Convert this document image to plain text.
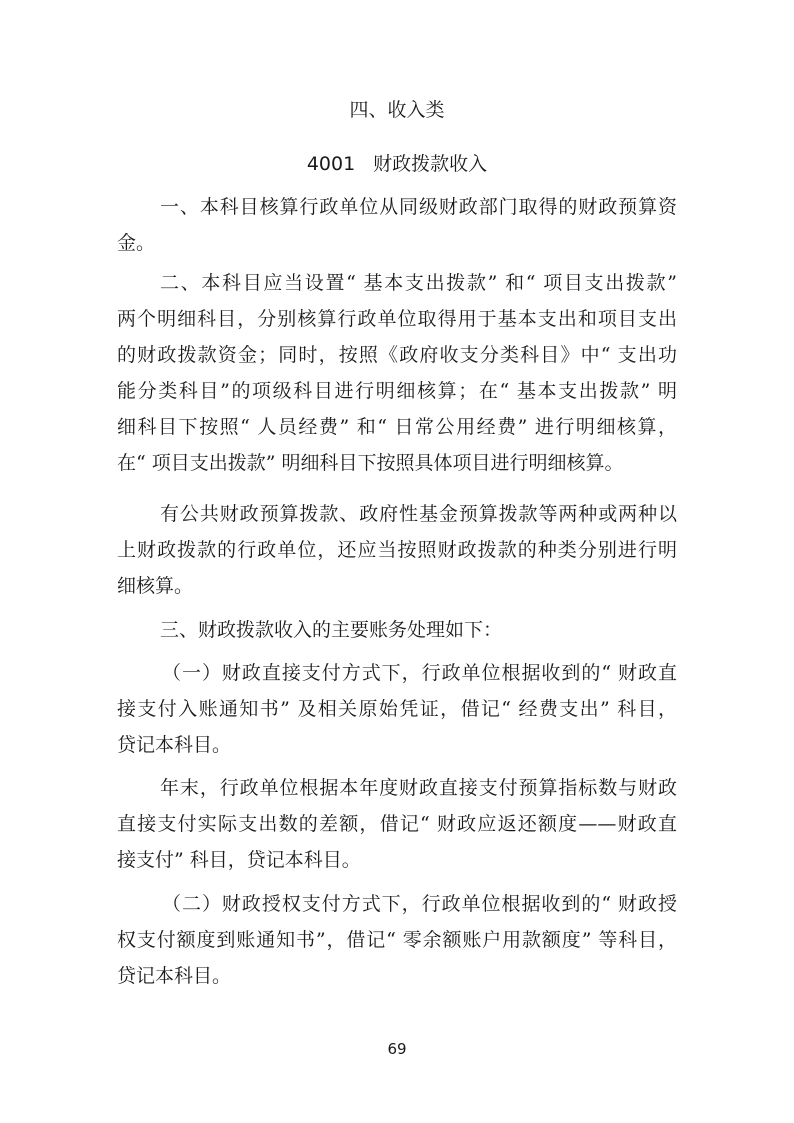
四、收入类
4001 财政拨款收入
一、本科目核算行政单位从同级财政部门取得的财政预算资
金。
二、本科目应当设置“ 基本支出拨款” 和“ 项目支出拨款”
两个明细科目，分别核算行政单位取得用于基本支出和项目支出
的财政拨款资金；同时，按照《政府收支分类科目》中“ 支出功
能分类科目”的项级科目进行明细核算；在“ 基本支出拨款” 明
细科目下按照“ 人员经费” 和“ 日常公用经费” 进行明细核算，
在“ 项目支出拨款” 明细科目下按照具体项目进行明细核算。
有公共财政预算拨款、政府性基金预算拨款等两种或两种以
上财政拨款的行政单位，还应当按照财政拨款的种类分别进行明
细核算。
三、财政拨款收入的主要账务处理如下：
（一）财政直接支付方式下，行政单位根据收到的“ 财政直
接支付入账通知书” 及相关原始凭证，借记“ 经费支出” 科目，
贷记本科目。
年末，行政单位根据本年度财政直接支付预算指标数与财政
直接支付实际支出数的差额，借记“ 财政应返还额度——财政直
接支付” 科目，贷记本科目。
（二）财政授权支付方式下，行政单位根据收到的“ 财政授
权支付额度到账通知书”，借记“ 零余额账户用款额度” 等科目，
贷记本科目。
69
